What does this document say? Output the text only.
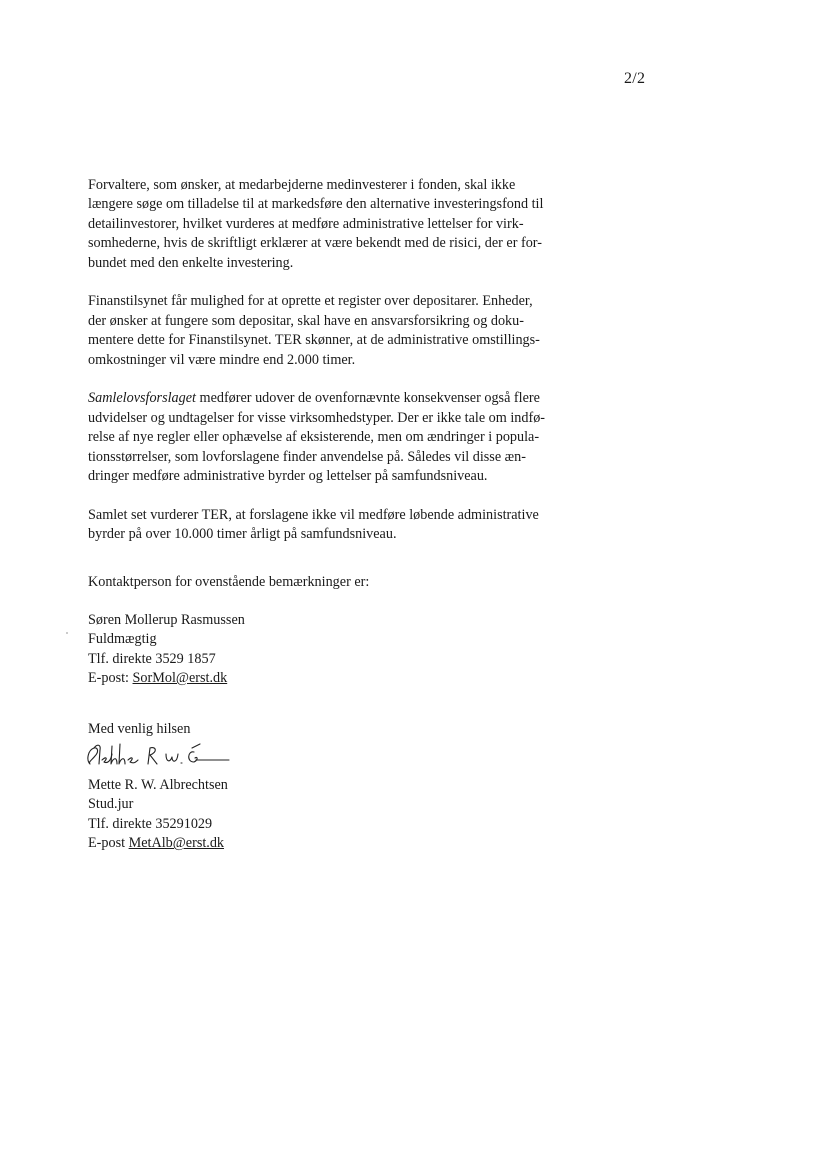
2/2

Forvaltere, som ønsker, at medarbejderne medinvesterer i fonden, skal ikke
længere søge om tilladelse til at markedsføre den alternative investeringsfond til
detailinvestorer, hvilket vurderes at medføre administrative lettelser for virk-
somhederne, hvis de skriftligt erklærer at være bekendt med de risici, der er for-
bundet med den enkelte investering.

Finanstilsynet får mulighed for at oprette et register over depositarer. Enheder,
der ønsker at fungere som depositar, skal have en ansvarsforsikring og doku-
mentere dette for Finanstilsynet. TER skønner, at de administrative omstillings-
omkostninger vil være mindre end 2.000 timer.

Samlelovsforslaget medfører udover de ovenfornævnte konsekvenser også flere
udvidelser og undtagelser for visse virksomhedstyper. Der er ikke tale om indfø-
relse af nye regler eller ophævelse af eksisterende, men om ændringer i popula-
tionsstørrelser, som lovforslagene finder anvendelse på. Således vil disse æn-
dringer medføre administrative byrder og lettelser på samfundsniveau.

Samlet set vurderer TER, at forslagene ikke vil medføre løbende administrative
byrder på over 10.000 timer årligt på samfundsniveau.

Kontaktperson for ovenstående bemærkninger er:
Søren Mollerup Rasmussen
Fuldmægtig
Tlf. direkte 3529 1857
E-post: SorMol@erst.dk
Med venlig hilsen
Mette R. W. Albrechtsen
Stud.jur
Tlf. direkte 35291029
E-post MetAlb@erst.dk
